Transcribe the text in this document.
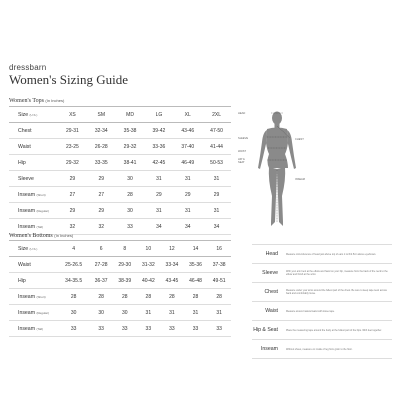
dressbarn
Women's Sizing Guide
Women's Tops (In Inches)
Size (U.S.)	XS	SM	MD	LG	XL	2XL
Chest	29-31	32-34	35-38	39-42	43-46	47-50
Waist	23-25	26-28	29-32	33-36	37-40	41-44
Hip	29-32	33-35	38-41	42-45	46-49	50-53
Sleeve	29	29	30	31	31	31
Inseam (Short)	27	27	28	29	29	29
Inseam (Regular)	29	29	30	31	31	31
Inseam (Tall)	32	32	33	34	34	34
Women's Bottoms (In Inches)
Size (U.S.)	4	6	8	10	12	14	16
Waist	25-26.5	27-28	29-30	31-32	33-34	35-36	37-38
Hip	34-35.5	36-37	38-39	40-42	43-45	46-48	49-51
Inseam (Short)	28	28	28	28	28	28	28
Inseam (Regular)	30	30	30	31	31	31	31
Inseam (Tall)	33	33	33	33	33	33	33
HEAD
SLEEVE
HIP &
SEAT
WAIST
CHEST
INSEAM
Head	Measure circumference of head just above top of ears 1 inch/2.5cm above eyebrows.
Sleeve	With your arm bent at the elbow and hand on your hip, measure from the back of the neck to the elbow and finish at the wrist.
Chest	Measure under your arms around the fullest part of the chest. Be sure to keep tape level across back and comfortably loose.
Waist	Measure around natural waist with loose tape.
Hip & Seat	Place the measuring tape around the body at the fullest part of the hips. With feet together.
Inseam	Without shoes, measure on inside of leg from groin to the floor.
